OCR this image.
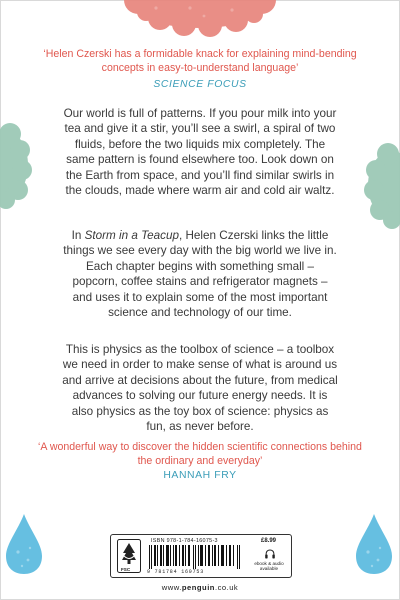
‘Helen Czerski has a formidable knack for explaining mind-bending concepts in easy-to-understand language’

SCIENCE FOCUS

Our world is full of patterns. If you pour milk into your tea and give it a stir, you’ll see a swirl, a spiral of two fluids, before the two liquids mix completely. The same pattern is found elsewhere too. Look down on the Earth from space, and you’ll find similar swirls in the clouds, made where warm air and cold air waltz.

In Storm in a Teacup, Helen Czerski links the little things we see every day with the big world we live in. Each chapter begins with something small – popcorn, coffee stains and refrigerator magnets – and uses it to explain some of the most important science and technology of our time.

This is physics as the toolbox of science – a toolbox we need in order to make sense of what is around us and arrive at decisions about the future, from medical advances to solving our future energy needs. It is also physics as the toy box of science: physics as fun, as never before.

‘A wonderful way to discover the hidden scientific connections behind the ordinary and everyday’

HANNAH FRY

FSC
ISBN 978-1-784-16075-3
9 781784 160753
£8.99
ebook & audio available
www.penguin.co.uk
